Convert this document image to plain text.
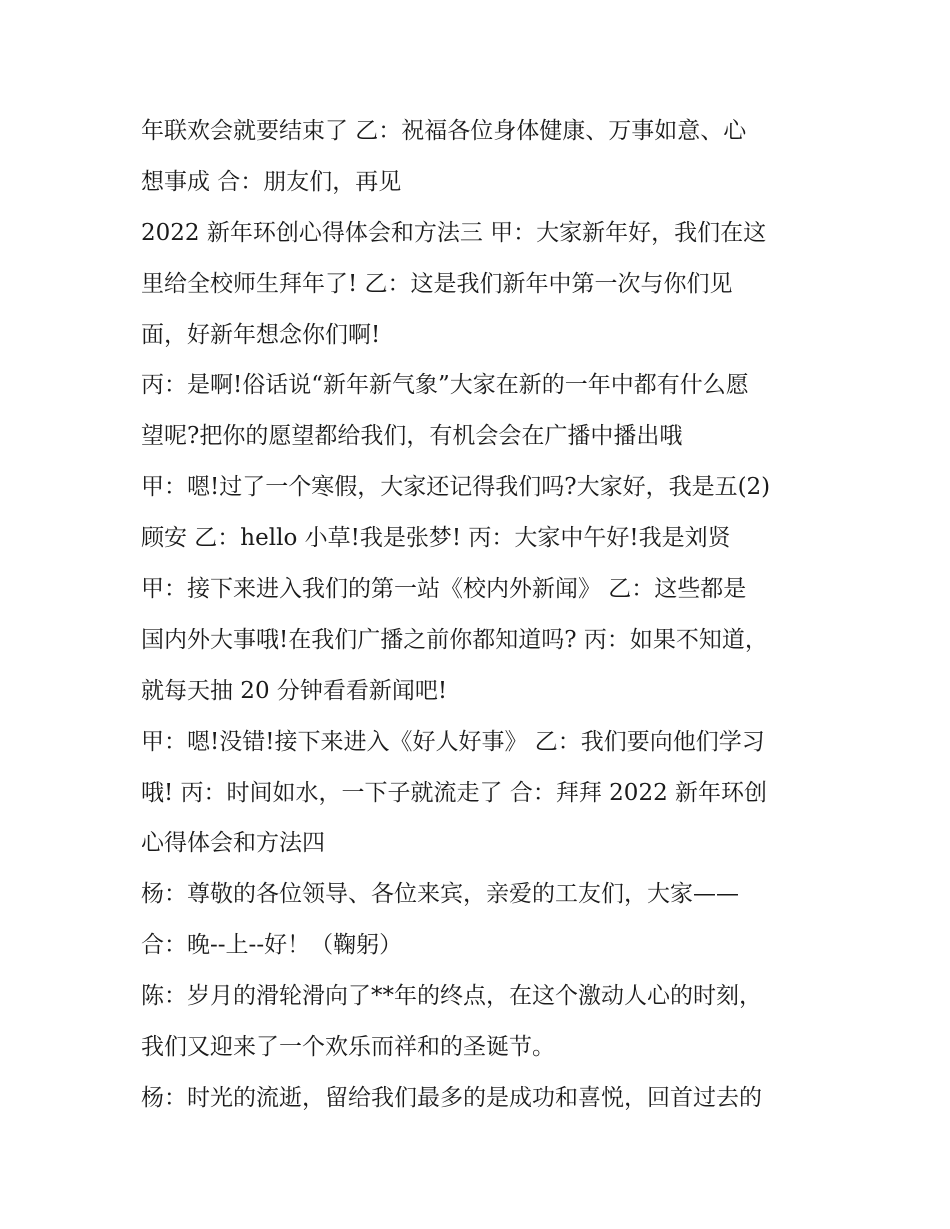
年联欢会就要结束了 乙：祝福各位身体健康、万事如意、心
想事成 合：朋友们，再见
2022 新年环创心得体会和方法三 甲：大家新年好，我们在这
里给全校师生拜年了! 乙：这是我们新年中第一次与你们见
面，好新年想念你们啊!
丙：是啊!俗话说“新年新气象”大家在新的一年中都有什么愿
望呢?把你的愿望都给我们，有机会会在广播中播出哦
甲：嗯!过了一个寒假，大家还记得我们吗?大家好，我是五(2)
顾安 乙：hello 小草!我是张梦! 丙：大家中午好!我是刘贤
甲：接下来进入我们的第一站《校内外新闻》 乙：这些都是
国内外大事哦!在我们广播之前你都知道吗? 丙：如果不知道，
就每天抽 20 分钟看看新闻吧!
甲：嗯!没错!接下来进入《好人好事》 乙：我们要向他们学习
哦! 丙：时间如水，一下子就流走了 合：拜拜 2022 新年环创
心得体会和方法四
杨：尊敬的各位领导、各位来宾，亲爱的工友们，大家——
合：晚--上--好！（鞠躬）
陈：岁月的滑轮滑向了**年的终点，在这个激动人心的时刻，
我们又迎来了一个欢乐而祥和的圣诞节。
杨：时光的流逝，留给我们最多的是成功和喜悦，回首过去的
